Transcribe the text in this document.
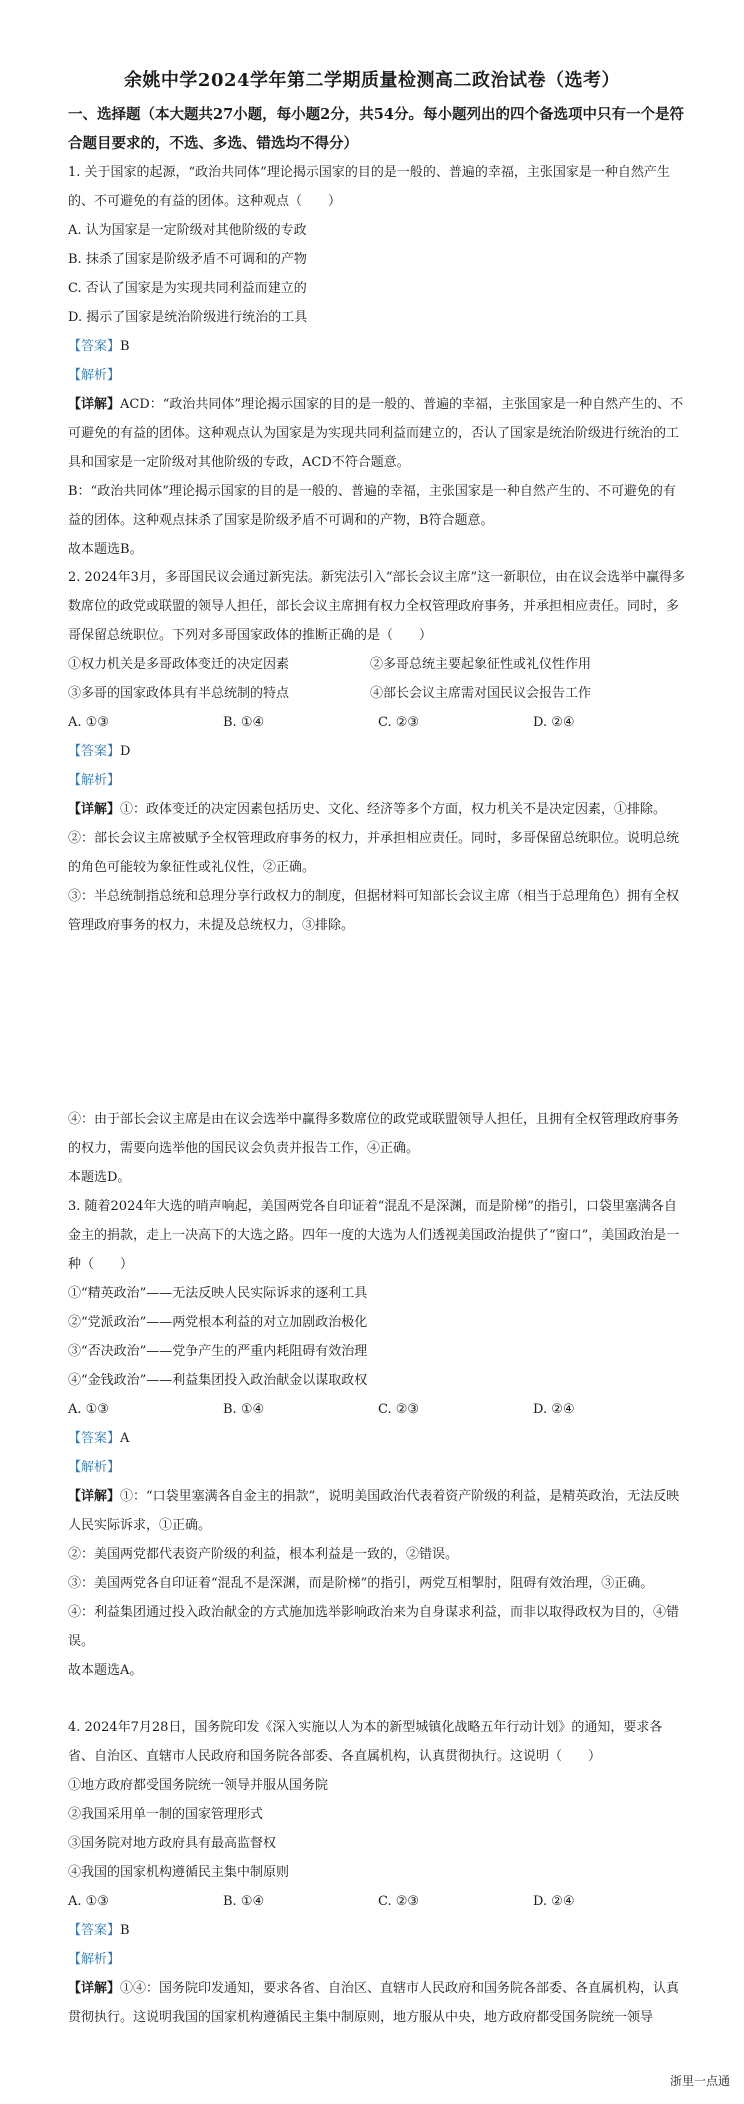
余姚中学2024学年第二学期质量检测高二政治试卷（选考）
一、选择题（本大题共27小题，每小题2分，共54分。每小题列出的四个备选项中只有一个是符合题目要求的，不选、多选、错选均不得分）
1. 关于国家的起源，“政治共同体”理论揭示国家的目的是一般的、普遍的幸福，主张国家是一种自然产生的、不可避免的有益的团体。这种观点（　　）
A. 认为国家是一定阶级对其他阶级的专政
B. 抹杀了国家是阶级矛盾不可调和的产物
C. 否认了国家是为实现共同利益而建立的
D. 揭示了国家是统治阶级进行统治的工具
【答案】B
【解析】
【详解】ACD：“政治共同体”理论揭示国家的目的是一般的、普遍的幸福，主张国家是一种自然产生的、不可避免的有益的团体。这种观点认为国家是为实现共同利益而建立的，否认了国家是统治阶级进行统治的工具和国家是一定阶级对其他阶级的专政，ACD不符合题意。
B：“政治共同体”理论揭示国家的目的是一般的、普遍的幸福，主张国家是一种自然产生的、不可避免的有益的团体。这种观点抹杀了国家是阶级矛盾不可调和的产物，B符合题意。
故本题选B。
2. 2024年3月，多哥国民议会通过新宪法。新宪法引入“部长会议主席”这一新职位，由在议会选举中赢得多数席位的政党或联盟的领导人担任，部长会议主席拥有权力全权管理政府事务，并承担相应责任。同时，多哥保留总统职位。下列对多哥国家政体的推断正确的是（　　）
①权力机关是多哥政体变迁的决定因素	②多哥总统主要起象征性或礼仪性作用
③多哥的国家政体具有半总统制的特点	④部长会议主席需对国民议会报告工作
A. ①③	B. ①④	C. ②③	D. ②④
【答案】D
【解析】
【详解】①：政体变迁的决定因素包括历史、文化、经济等多个方面，权力机关不是决定因素，①排除。
②：部长会议主席被赋予全权管理政府事务的权力，并承担相应责任。同时，多哥保留总统职位。说明总统的角色可能较为象征性或礼仪性，②正确。
③：半总统制指总统和总理分享行政权力的制度，但据材料可知部长会议主席（相当于总理角色）拥有全权管理政府事务的权力，未提及总统权力，③排除。
④：由于部长会议主席是由在议会选举中赢得多数席位的政党或联盟领导人担任，且拥有全权管理政府事务的权力，需要向选举他的国民议会负责并报告工作，④正确。
本题选D。
3. 随着2024年大选的哨声响起，美国两党各自印证着“混乱不是深渊，而是阶梯”的指引，口袋里塞满各自金主的捐款，走上一决高下的大选之路。四年一度的大选为人们透视美国政治提供了“窗口”，美国政治是一种（　　）
①“精英政治”——无法反映人民实际诉求的逐利工具
②“党派政治”——两党根本利益的对立加剧政治极化
③“否决政治”——党争产生的严重内耗阻碍有效治理
④“金钱政治”——利益集团投入政治献金以谋取政权
A. ①③	B. ①④	C. ②③	D. ②④
【答案】A
【解析】
【详解】①：“口袋里塞满各自金主的捐款”，说明美国政治代表着资产阶级的利益，是精英政治，无法反映人民实际诉求，①正确。
②：美国两党都代表资产阶级的利益，根本利益是一致的，②错误。
③：美国两党各自印证着“混乱不是深渊，而是阶梯”的指引，两党互相掣肘，阻碍有效治理，③正确。
④：利益集团通过投入政治献金的方式施加选举影响政治来为自身谋求利益，而非以取得政权为目的，④错误。
故本题选A。
4. 2024年7月28日，国务院印发《深入实施以人为本的新型城镇化战略五年行动计划》的通知，要求各省、自治区、直辖市人民政府和国务院各部委、各直属机构，认真贯彻执行。这说明（　　）
①地方政府都受国务院统一领导并服从国务院
②我国采用单一制的国家管理形式
③国务院对地方政府具有最高监督权
④我国的国家机构遵循民主集中制原则
A. ①③	B. ①④	C. ②③	D. ②④
【答案】B
【解析】
【详解】①④：国务院印发通知，要求各省、自治区、直辖市人民政府和国务院各部委、各直属机构，认真贯彻执行。这说明我国的国家机构遵循民主集中制原则，地方服从中央，地方政府都受国务院统一领导
浙里一点通
